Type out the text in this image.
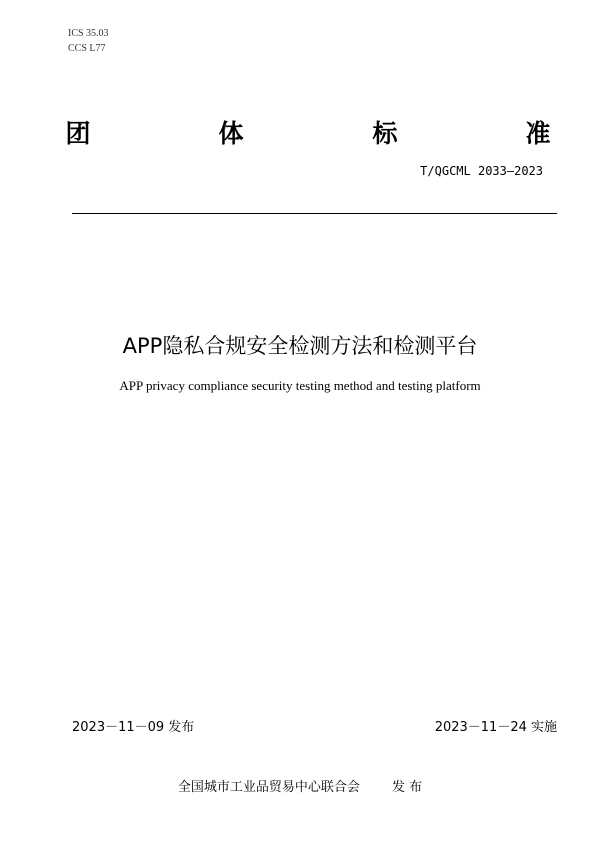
ICS 35.03
CCS L77
团	体	标	准
T/QGCML 2033—2023
APP隐私合规安全检测方法和检测平台
APP privacy compliance security testing method and testing platform
2023－11－09 发布	2023－11－24 实施
全国城市工业品贸易中心联合会 发 布
